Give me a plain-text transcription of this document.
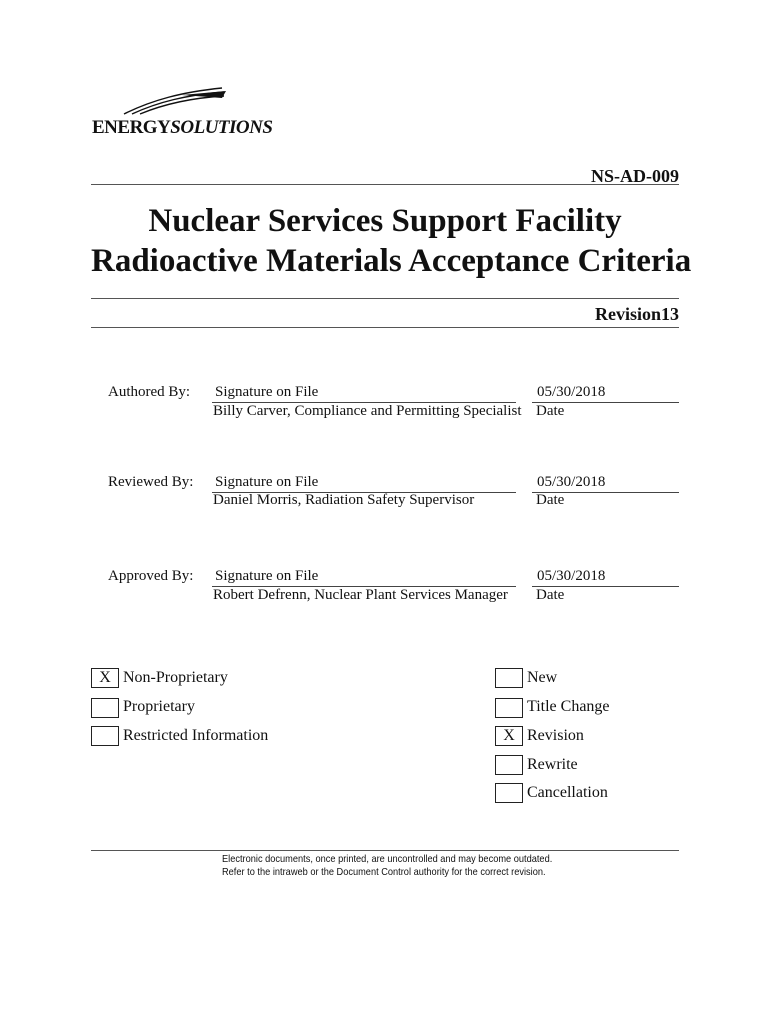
ENERGYSOLUTIONS
NS-AD-009
Nuclear Services Support Facility
Radioactive Materials Acceptance Criteria
Revision13
Authored By: Signature on File
Billy Carver, Compliance and Permitting Specialist
05/30/2018
Date
Reviewed By: Signature on File
Daniel Morris, Radiation Safety Supervisor
05/30/2018
Date
Approved By: Signature on File
Robert Defrenn, Nuclear Plant Services Manager
05/30/2018
Date
X Non-Proprietary
Proprietary
Restricted Information
New
Title Change
X Revision
Rewrite
Cancellation
Electronic documents, once printed, are uncontrolled and may become outdated.
Refer to the intraweb or the Document Control authority for the correct revision.
